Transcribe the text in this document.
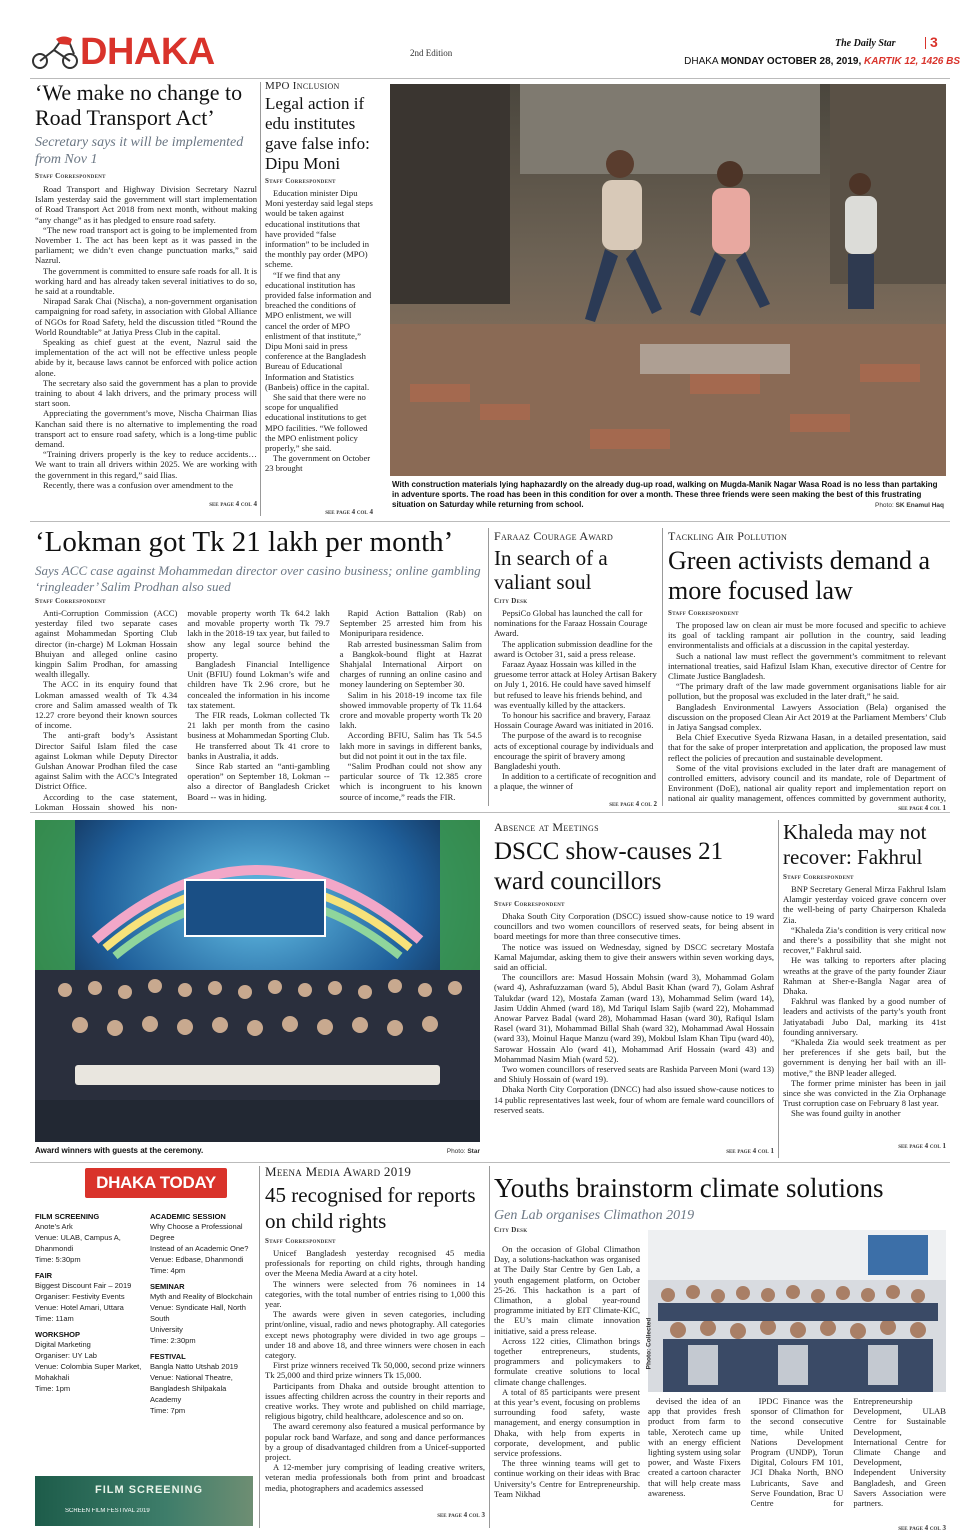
DHAKA	2nd Edition
The Daily Star 3
DHAKA MONDAY OCTOBER 28, 2019, KARTIK 12, 1426 BS
‘We make no change to Road Transport Act’
Secretary says it will be implemented from Nov 1
Staff Correspondent

Road Transport and Highway Division Secretary Nazrul Islam yesterday said the government will start implementation of Road Transport Act 2018 from next month, without making “any change” as it has pledged to ensure road safety.

“The new road transport act is going to be implemented from November 1. The act has been kept as it was passed in the parliament; we didn’t even change punctuation marks,” said Nazrul.

The government is committed to ensure safe roads for all. It is working hard and has already taken several initiatives to do so, he said at a roundtable.

Nirapad Sarak Chai (Nischa), a non-government organisation campaigning for road safety, in association with Global Alliance of NGOs for Road Safety, held the discussion titled “Round the World Roundtable” at Jatiya Press Club in the capital.

Speaking as chief guest at the event, Nazrul said the implementation of the act will not be effective unless people abide by it, because laws cannot be enforced with police action alone.

The secretary also said the government has a plan to provide training to about 4 lakh drivers, and the primary process will start soon.

Appreciating the government’s move, Nischa Chairman Ilias Kanchan said there is no alternative to implementing the road transport act to ensure road safety, which is a long-time public demand.

“Training drivers properly is the key to reduce accidents… We want to train all drivers within 2025. We are working with the government in this regard,” said Ilias.

Recently, there was a confusion over amendment to the

see page 4 col 4
MPO Inclusion
Legal action if edu institutes gave false info: Dipu Moni
Staff Correspondent

Education minister Dipu Moni yesterday said legal steps would be taken against educational institutions that have provided “false information” to be included in the monthly pay order (MPO) scheme.

“If we find that any educational institution has provided false information and breached the conditions of MPO enlistment, we will cancel the order of MPO enlistment of that institute,” Dipu Moni said in press conference at the Bangladesh Bureau of Educational Information and Statistics (Banbeis) office in the capital.

She said that there were no scope for unqualified educational institutions to get MPO facilities. “We followed the MPO enlistment policy properly,” she said.

The government on October 23 brought

see page 4 col 4
With construction materials lying haphazardly on the already dug-up road, walking on Mugda-Manik Nagar Wasa Road is no less than partaking in adventure sports. The road has been in this condition for over a month. These three friends were seen making the best of this frustrating situation on Saturday while returning from school.	Photo: SK Enamul Haq
‘Lokman got Tk 21 lakh per month’
Says ACC case against Mohammedan director over casino business; online gambling ‘ringleader’ Salim Prodhan also sued
Staff Correspondent

Anti-Corruption Commission (ACC) yesterday filed two separate cases against Mohammedan Sporting Club director (in-charge) M Lokman Hossain Bhuiyan and alleged online casino kingpin Salim Prodhan, for amassing wealth illegally.

The ACC in its enquiry found that Lokman amassed wealth of Tk 4.34 crore and Salim amassed wealth of Tk 12.27 crore beyond their known sources of income.

The anti-graft body’s Assistant Director Saiful Islam filed the case against Lokman while Deputy Director Gulshan Anowar Prodhan filed the case against Salim with the ACC’s Integrated District Office.

According to the case statement, Lokman Hossain showed his non-movable property worth Tk 64.2 lakh and movable property worth Tk 79.7 lakh in the 2018-19 tax year, but failed to show any legal source behind the property.

Bangladesh Financial Intelligence Unit (BFIU) found Lokman’s wife and children have Tk 2.96 crore, but he concealed the information in his income tax statement.

The FIR reads, Lokman collected Tk 21 lakh per month from the casino business at Mohammedan Sporting Club.

He transferred about Tk 41 crore to banks in Australia, it adds.

Since Rab started an “anti-gambling operation” on September 18, Lokman -- also a director of Bangladesh Cricket Board -- was in hiding.

Rapid Action Battalion (Rab) on September 25 arrested him from his Monipuripara residence.

Rab arrested businessman Salim from a Bangkok-bound flight at Hazrat Shahjalal International Airport on charges of running an online casino and money laundering on September 30.

Salim in his 2018-19 income tax file showed immovable property of Tk 11.64 crore and movable property worth Tk 20 lakh.

According BFIU, Salim has Tk 54.5 lakh more in savings in different banks, but did not point it out in the tax file.

“Salim Prodhan could not show any particular source of Tk 12.385 crore which is incongruent to his known source of income,” reads the FIR.

Faraaz Courage Award
In search of a valiant soul
City Desk

PepsiCo Global has launched the call for nominations for the Faraaz Hossain Courage Award.

The application submission deadline for the award is October 31, said a press release.

Faraaz Ayaaz Hossain was killed in the gruesome terror attack at Holey Artisan Bakery on July 1, 2016. He could have saved himself but refused to leave his friends behind, and was eventually killed by the attackers.

To honour his sacrifice and bravery, Faraaz Hossain Courage Award was initiated in 2016.

The purpose of the award is to recognise acts of exceptional courage by individuals and encourage the spirit of bravery among Bangladeshi youth.

In addition to a certificate of recognition and a plaque, the winner of

see page 4 col 2
Tackling Air Pollution
Green activists demand a more focused law
Staff Correspondent

The proposed law on clean air must be more focused and specific to achieve its goal of tackling rampant air pollution in the country, said leading environmentalists and officials at a discussion in the capital yesterday.

Such a national law must reflect the government’s commitment to relevant international treaties, said Hafizul Islam Khan, executive director of Centre for Climate Justice Bangladesh.

“The primary draft of the law made government organisations liable for air pollution, but the proposal was excluded in the later draft,” he said.

Bangladesh Environmental Lawyers Association (Bela) organised the discussion on the proposed Clean Air Act 2019 at the Parliament Members’ Club in Jatiya Sangsad complex.

Bela Chief Executive Syeda Rizwana Hasan, in a detailed presentation, said that for the sake of proper interpretation and application, the proposed law must reflect the policies of precaution and sustainable development.

Some of the vital provisions excluded in the later draft are management of controlled emitters, advisory council and its mandate, role of Department of Environment (DoE), national air quality report and implementation report on national air quality management, offences committed by government authority,

see page 4 col 1
Award winners with guests at the ceremony.	Photo: Star
Absence at Meetings
DSCC show-causes 21 ward councillors
Staff Correspondent

Dhaka South City Corporation (DSCC) issued show-cause notice to 19 ward councillors and two women councillors of reserved seats, for being absent in board meetings for more than three consecutive times.

The notice was issued on Wednesday, signed by DSCC secretary Mostafa Kamal Majumdar, asking them to give their answers within seven working days, said an official.

The councillors are: Masud Hossain Mohsin (ward 3), Mohammad Golam (ward 4), Ashrafuzzaman (ward 5), Abdul Basit Khan (ward 7), Golam Ashraf Talukdar (ward 12), Mostafa Zaman (ward 13), Mohammad Selim (ward 14), Jasim Uddin Ahmed (ward 18), Md Tariqul Islam Sajib (ward 22), Mohammad Anowar Parvez Badal (ward 28), Mohammad Hasan (ward 30), Rafiqul Islam Rasel (ward 31), Mohammad Billal Shah (ward 32), Mohammad Awal Hossain (ward 33), Moinul Haque Manzu (ward 39), Mokbul Islam Khan Tipu (ward 40), Sarowar Hossain Alo (ward 41), Mohammad Arif Hossain (ward 43) and Mohammad Nasim Miah (ward 52).

Two women councillors of reserved seats are Rashida Parveen Moni (ward 13) and Shiuly Hossain of (ward 19).

Dhaka North City Corporation (DNCC) had also issued show-cause notices to 14 public representatives last week, four of whom are female ward councillors of reserved seats.

see page 4 col 1
Khaleda may not recover: Fakhrul
Staff Correspondent

BNP Secretary General Mirza Fakhrul Islam Alamgir yesterday voiced grave concern over the well-being of party Chairperson Khaleda Zia.

“Khaleda Zia’s condition is very critical now and there’s a possibility that she might not recover,” Fakhrul said.

He was talking to reporters after placing wreaths at the grave of the party founder Ziaur Rahman at Sher-e-Bangla Nagar area of Dhaka.

Fakhrul was flanked by a good number of leaders and activists of the party’s youth front Jatiyatabadi Jubo Dal, marking its 41st founding anniversary.

“Khaleda Zia would seek treatment as per her preferences if she gets bail, but the government is denying her bail with an ill-motive,” the BNP leader alleged.

The former prime minister has been in jail since she was convicted in the Zia Orphanage Trust corruption case on February 8 last year.

She was found guilty in another

see page 4 col 1
DHAKA TODAY
FILM SCREENING
Anote’s Ark
Venue: ULAB, Campus A,
Dhanmondi
Time: 5:30pm
FAIR
Biggest Discount Fair – 2019
Organiser: Festivity Events
Venue: Hotel Amari, Uttara
Time: 11am
WORKSHOP
Digital Marketing
Organiser: UY Lab
Venue: Colombia Super Market,
Mohakhali
Time: 1pm
ACADEMIC SESSION
Why Choose a Professional Degree
Instead of an Academic One?
Venue: Edbase, Dhanmondi
Time: 4pm
SEMINAR
Myth and Reality of Blockchain
Venue: Syndicate Hall, North South
University
Time: 2:30pm
FESTIVAL
Bangla Natto Utshab 2019
Venue: National Theatre,
Bangladesh Shilpakala Academy
Time: 7pm
FILM SCREENING
SCREEN FILM FESTIVAL 2019
Meena Media Award 2019
45 recognised for reports on child rights
Staff Correspondent

Unicef Bangladesh yesterday recognised 45 media professionals for reporting on child rights, through handing over the Meena Media Award at a city hotel.

The winners were selected from 76 nominees in 14 categories, with the total number of entries rising to 1,000 this year.

The awards were given in seven categories, including print/online, visual, radio and news photography. All categories except news photography were divided in two age groups – under 18 and above 18, and three winners were chosen in each category.

First prize winners received Tk 50,000, second prize winners Tk 25,000 and third prize winners Tk 15,000.

Participants from Dhaka and outside brought attention to issues affecting children across the country in their reports and creative works. They wrote and published on child marriage, religious bigotry, child healthcare, adolescence and so on.

The award ceremony also featured a musical performance by popular rock band Warfaze, and song and dance performances by a group of disadvantaged children from a Unicef-supported project.

A 12-member jury comprising of leading creative writers, veteran media professionals both from print and broadcast media, photographers and academics assessed

see page 4 col 3
Youths brainstorm climate solutions
Gen Lab organises Climathon 2019
City Desk

On the occasion of Global Climathon Day, a solutions-hackathon was organised at The Daily Star Centre by Gen Lab, a youth engagement platform, on October 25-26. This hackathon is a part of Climathon, a global year-round programme initiated by EIT Climate-KIC, the EU’s main climate innovation initiative, said a press release.

Across 122 cities, Climathon brings together entrepreneurs, students, programmers and policymakers to formulate creative solutions to local climate change challenges.

A total of 85 participants were present at this year’s event, focusing on problems surrounding food safety, waste management, and energy consumption in Dhaka, with help from experts in corporate, development, and public service professions.

The three winning teams will get to continue working on their ideas with Brac University’s Centre for Entrepreneurship. Team Nikhad

Photo: Collected

devised the idea of an app that provides fresh product from farm to table, Xerotech came up with an energy efficient lighting system using solar power, and Waste Fixers created a cartoon character that will help create mass awareness.

IPDC Finance was the sponsor of Climathon for the second consecutive time, while United Nations Development Program (UNDP), Torun Digital, Colours FM 101, JCI Dhaka North, BNO Lubricants, Save and Serve Foundation, Brac U Centre for Entrepreneurship Development, ULAB Centre for Sustainable Development, International Centre for Climate Change and Development, Independent University Bangladesh, and Green Savers Association were partners.

see page 4 col 3
